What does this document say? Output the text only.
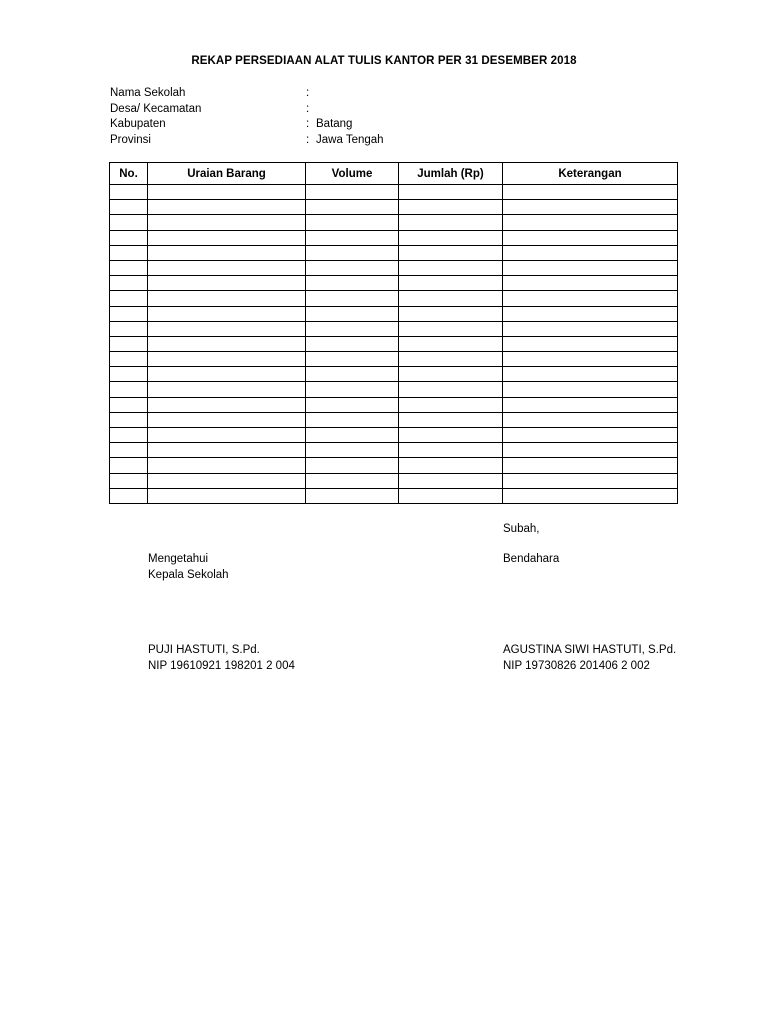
REKAP PERSEDIAAN ALAT TULIS KANTOR PER 31 DESEMBER 2018
Nama Sekolah	:
Desa/ Kecamatan	:
Kabupaten	: Batang
Provinsi	: Jawa Tengah
No.	Uraian Barang	Volume	Jumlah (Rp)	Keterangan

Subah,
Mengetahui
Kepala Sekolah
Bendahara
PUJI HASTUTI, S.Pd.
NIP 19610921 198201 2 004
AGUSTINA SIWI HASTUTI, S.Pd.
NIP 19730826 201406 2 002
